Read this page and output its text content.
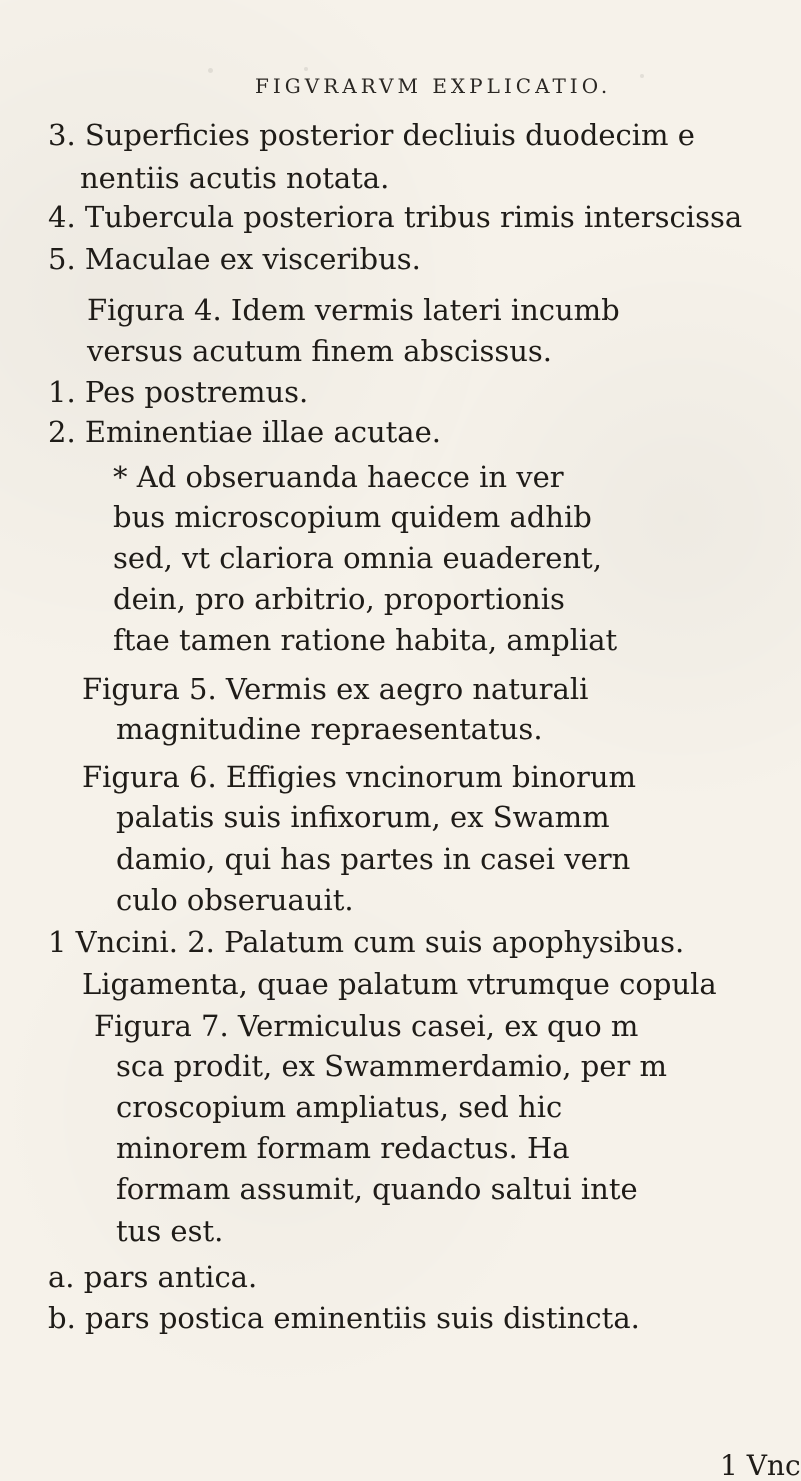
FIGVRARVM EXPLICATIO.
3. Superficies posterior decliuis duodecim e
nentiis acutis notata.
4. Tubercula posteriora tribus rimis interscissa
5. Maculae ex visceribus.
Figura 4. Idem vermis lateri incumb
versus acutum finem abscissus.
1. Pes postremus.
2. Eminentiae illae acutae.
* Ad obseruanda haecce in ver
bus microscopium quidem adhib
sed, vt clariora omnia euaderent,
dein, pro arbitrio, proportionis
ftae tamen ratione habita, ampliat
Figura 5. Vermis ex aegro naturali
magnitudine repraesentatus.
Figura 6. Effigies vncinorum binorum
palatis suis infixorum, ex Swamm
damio, qui has partes in casei vern
culo obseruauit.
1 Vncini. 2. Palatum cum suis apophysibus.
Ligamenta, quae palatum vtrumque copula
Figura 7. Vermiculus casei, ex quo m
sca prodit, ex Swammerdamio, per m
croscopium ampliatus, sed hic
minorem formam redactus. Ha
formam assumit, quando saltui inte
tus est.
a. pars antica.
b. pars postica eminentiis suis distincta.
1 Vnc
